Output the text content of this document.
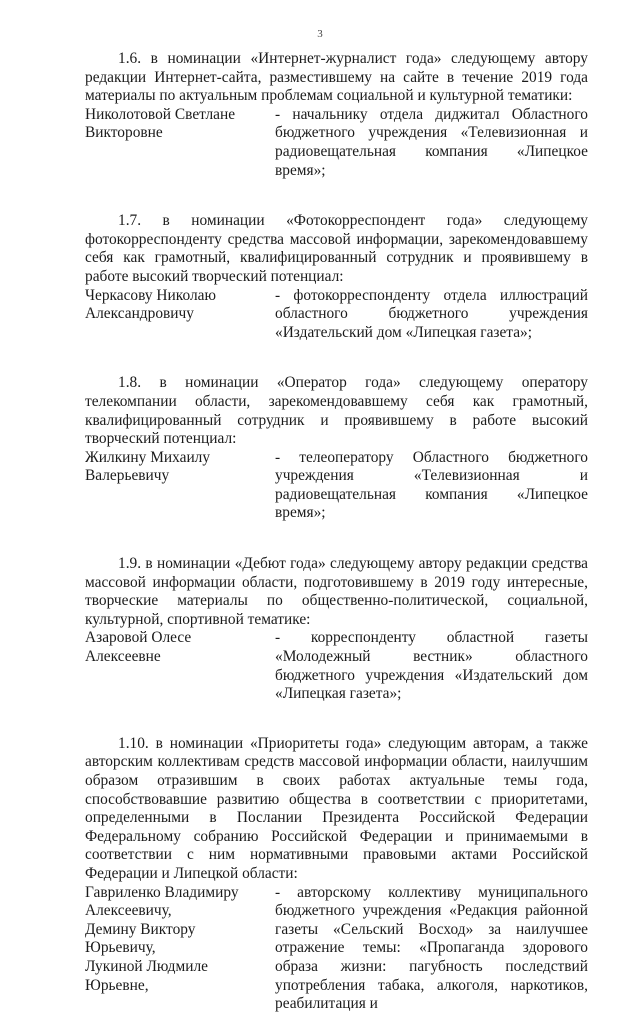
3

1.6. в номинации «Интернет-журналист года» следующему автору редакции Интернет-сайта, разместившему на сайте в течение 2019 года материалы по актуальным проблемам социальной и культурной тематики:

Николотовой Светлане
Викторовне
- начальнику отдела диджитал Областного бюджетного учреждения «Телевизионная и радиовещательная компания «Липецкое время»;

1.7. в номинации «Фотокорреспондент года» следующему фотокорреспонденту средства массовой информации, зарекомендовавшему себя как грамотный, квалифицированный сотрудник и проявившему в работе высокий творческий потенциал:

Черкасову Николаю
Александровичу
- фотокорреспонденту отдела иллюстраций областного бюджетного учреждения «Издательский дом «Липецкая газета»;

1.8. в номинации «Оператор года» следующему оператору телекомпании области, зарекомендовавшему себя как грамотный, квалифицированный сотрудник и проявившему в работе высокий творческий потенциал:

Жилкину Михаилу
Валерьевичу
- телеоператору Областного бюджетного учреждения «Телевизионная и радиовещательная компания «Липецкое время»;

1.9. в номинации «Дебют года» следующему автору редакции средства массовой информации области, подготовившему в 2019 году интересные, творческие материалы по общественно-политической, социальной, культурной, спортивной тематике:

Азаровой Олесе
Алексеевне
- корреспонденту областной газеты «Молодежный вестник» областного бюджетного учреждения «Издательский дом «Липецкая газета»;

1.10. в номинации «Приоритеты года» следующим авторам, а также авторским коллективам средств массовой информации области, наилучшим образом отразившим в своих работах актуальные темы года, способствовавшие развитию общества в соответствии с приоритетами, определенными в Послании Президента Российской Федерации Федеральному собранию Российской Федерации и принимаемыми в соответствии с ним нормативными правовыми актами Российской Федерации и Липецкой области:

Гавриленко Владимиру
Алексеевичу,
Демину Виктору
Юрьевичу,
Лукиной Людмиле
Юрьевне,
- авторскому коллективу муниципального бюджетного учреждения «Редакция районной газеты «Сельский Восход» за наилучшее отражение темы: «Пропаганда здорового образа жизни: пагубность последствий употребления табака, алкоголя, наркотиков, реабилитация и
